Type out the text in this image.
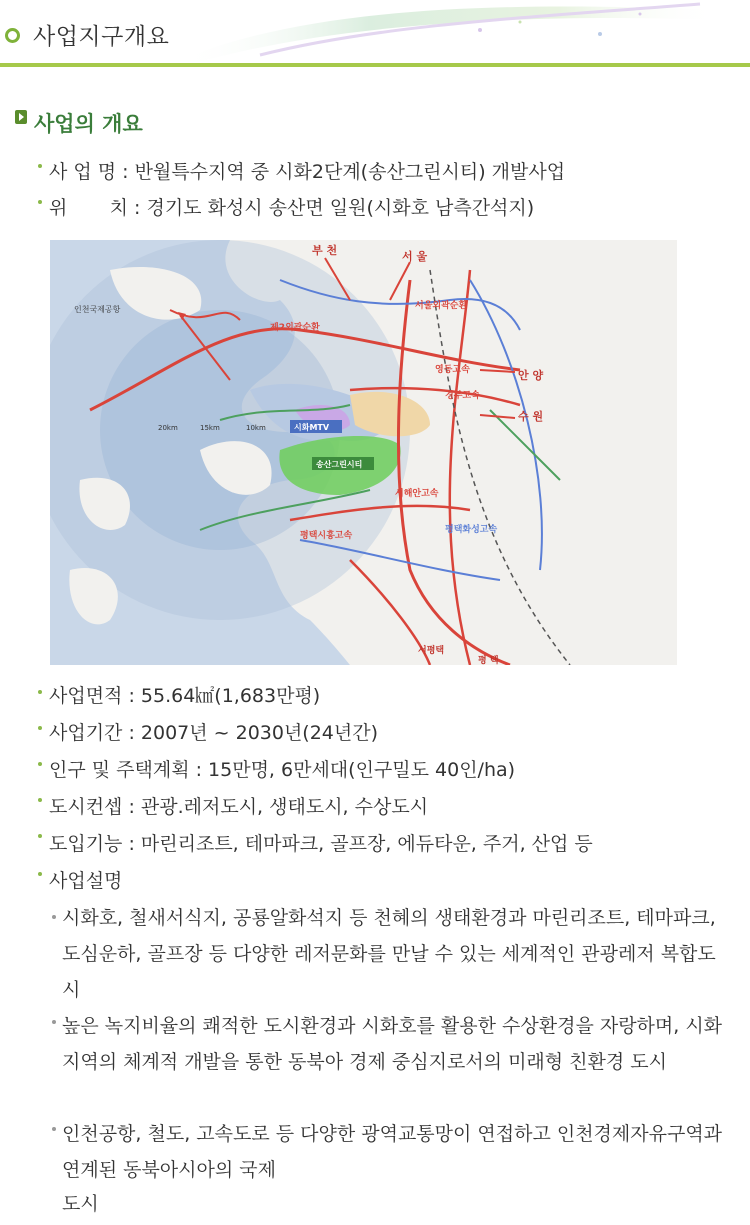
사업지구개요
사업의 개요
사 업 명 : 반월특수지역 중 시화2단계(송산그린시티) 개발사업
위       치 : 경기도 화성시 송산면 일원(시화호 남측간석지)
부 천	서 울
안 양
수 원
인천국제공항
서평택
평 택
제2외곽순환
서울외곽순환
영동고속
경부고속
서해안고속
평택시흥고속
평택화성고속
시화MTV
송산그린시티
20km	15km	10km
사업면적 : 55.64㎢(1,683만평)
사업기간 : 2007년 ~ 2030년(24년간)
인구 및 주택계획 : 15만명, 6만세대(인구밀도 40인/ha)
도시컨셉 : 관광.레저도시, 생태도시, 수상도시
도입기능 : 마린리조트, 테마파크, 골프장, 에듀타운, 주거, 산업 등
사업설명

시화호, 철새서식지, 공룡알화석지 등 천혜의 생태환경과 마린리조트, 테마파크, 도심운하, 골프장 등 다양한 레저문화를 만날 수 있는 세계적인 관광레저 복합도시

높은 녹지비율의 쾌적한 도시환경과 시화호를 활용한 수상환경을 자랑하며, 시화지역의 체계적 개발을 통한 동북아 경제 중심지로서의 미래형 친환경 도시

인천공항, 철도, 고속도로 등 다양한 광역교통망이 연접하고 인천경제자유구역과 연계된 동북아시아의 국제

도시
